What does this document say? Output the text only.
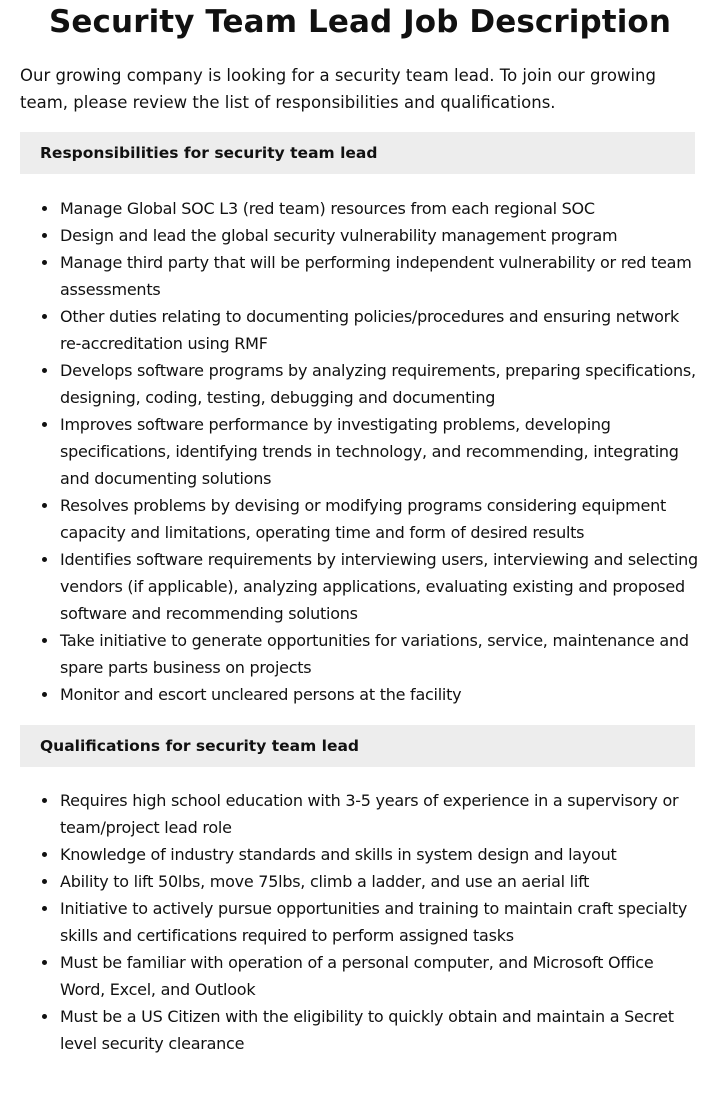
Security Team Lead Job Description

Our growing company is looking for a security team lead. To join our growing team, please review the list of responsibilities and qualifications.

Responsibilities for security team lead
Manage Global SOC L3 (red team) resources from each regional SOC
Design and lead the global security vulnerability management program
Manage third party that will be performing independent vulnerability or red team assessments
Other duties relating to documenting policies/procedures and ensuring network re-accreditation using RMF
Develops software programs by analyzing requirements, preparing specifications, designing, coding, testing, debugging and documenting
Improves software performance by investigating problems, developing specifications, identifying trends in technology, and recommending, integrating and documenting solutions
Resolves problems by devising or modifying programs considering equipment capacity and limitations, operating time and form of desired results
Identifies software requirements by interviewing users, interviewing and selecting vendors (if applicable), analyzing applications, evaluating existing and proposed software and recommending solutions
Take initiative to generate opportunities for variations, service, maintenance and spare parts business on projects
Monitor and escort uncleared persons at the facility
Qualifications for security team lead
Requires high school education with 3-5 years of experience in a supervisory or team/project lead role
Knowledge of industry standards and skills in system design and layout
Ability to lift 50lbs, move 75lbs, climb a ladder, and use an aerial lift
Initiative to actively pursue opportunities and training to maintain craft specialty skills and certifications required to perform assigned tasks
Must be familiar with operation of a personal computer, and Microsoft Office Word, Excel, and Outlook
Must be a US Citizen with the eligibility to quickly obtain and maintain a Secret level security clearance
